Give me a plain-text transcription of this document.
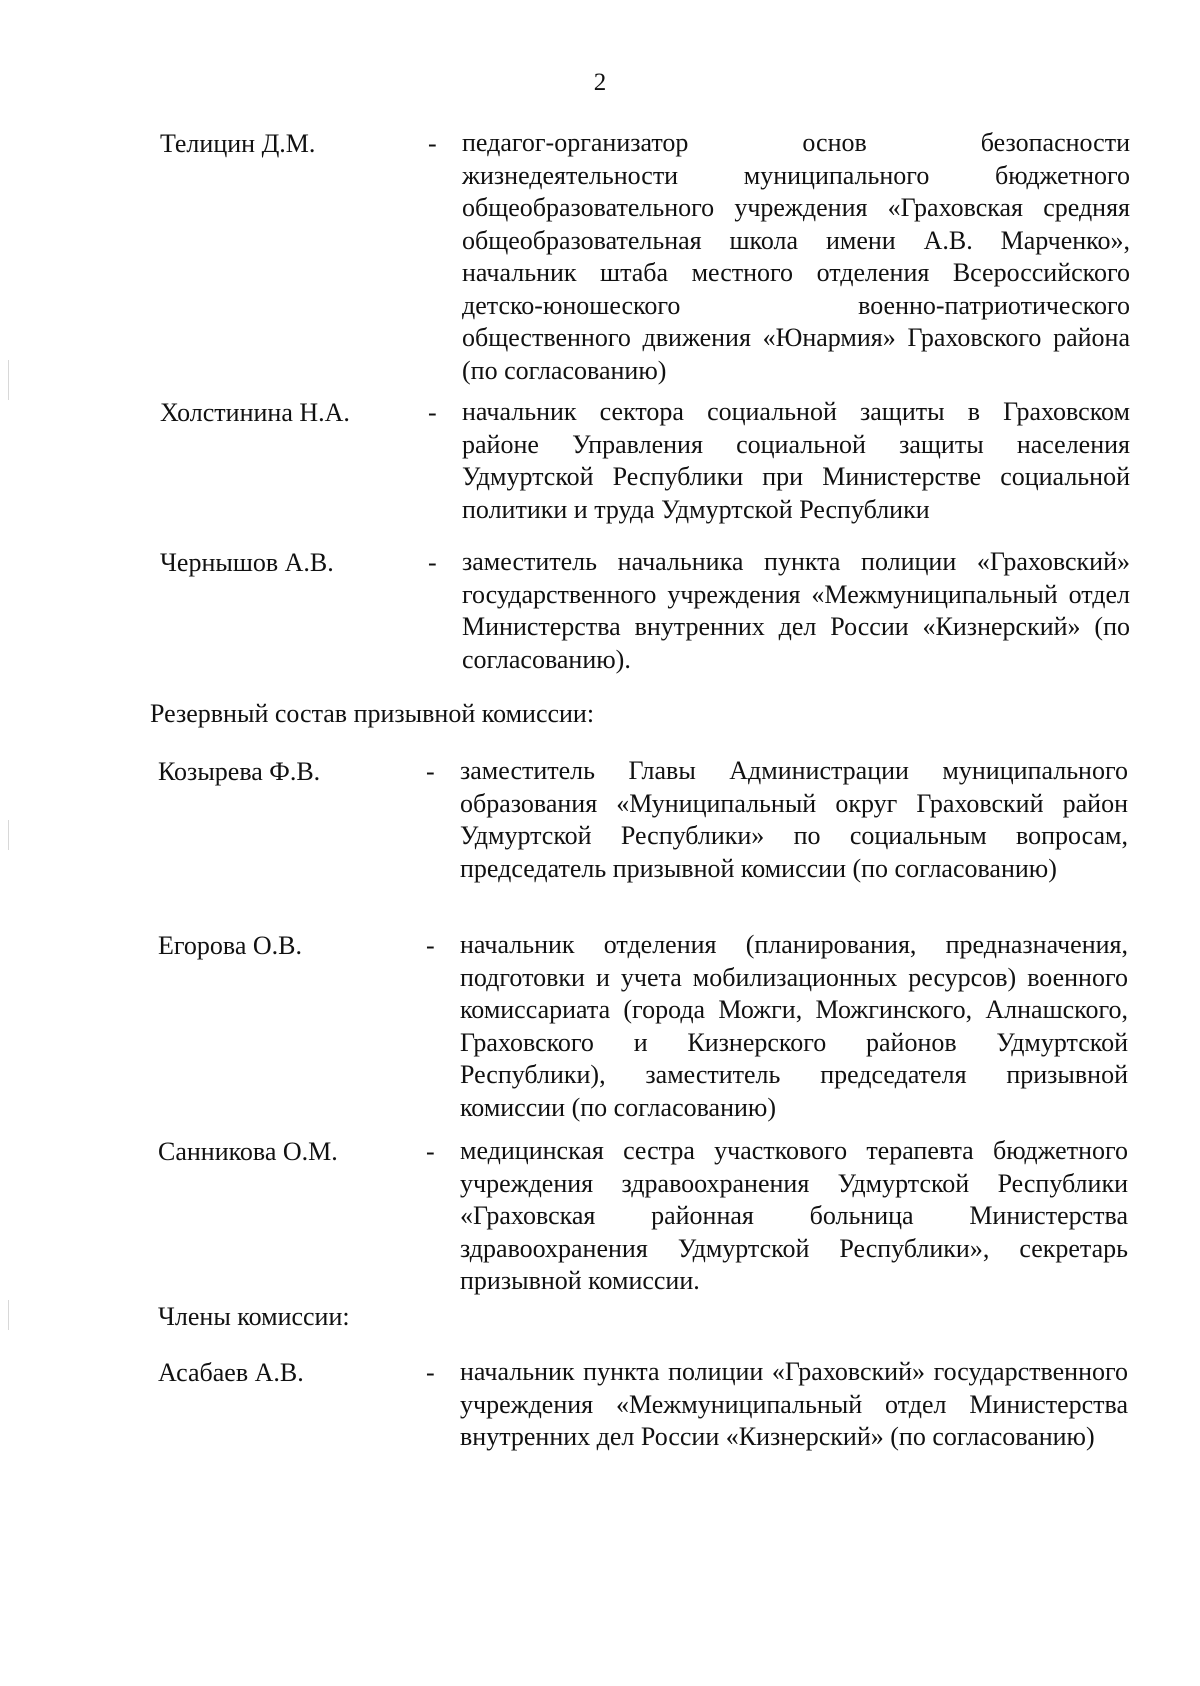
2
Телицин Д.М.	- педагог-организатор основ безопасности жизнедеятельности муниципального бюджетного общеобразовательного учреждения «Граховская средняя общеобразовательная школа имени А.В. Марченко», начальник штаба местного отделения Всероссийского детско-юношеского военно-патриотического общественного движения «Юнармия» Граховского района (по согласованию)
Холстинина Н.А.	- начальник сектора социальной защиты в Граховском районе Управления социальной защиты населения Удмуртской Республики при Министерстве социальной политики и труда Удмуртской Республики
Чернышов А.В.	- заместитель начальника пункта полиции «Граховский» государственного учреждения «Межмуниципальный отдел Министерства внутренних дел России «Кизнерский» (по согласованию).
Резервный состав призывной комиссии:
Козырева Ф.В.	- заместитель Главы Администрации муниципального образования «Муниципальный округ Граховский район Удмуртской Республики» по социальным вопросам, председатель призывной комиссии (по согласованию)
Егорова О.В.	- начальник отделения (планирования, предназначения, подготовки и учета мобилизационных ресурсов) военного комиссариата (города Можги, Можгинского, Алнашского, Граховского и Кизнерского районов Удмуртской Республики), заместитель председателя призывной комиссии (по согласованию)
Санникова О.М.	- медицинская сестра участкового терапевта бюджетного учреждения здравоохранения Удмуртской Республики «Граховская районная больница Министерства здравоохранения Удмуртской Республики», секретарь призывной комиссии.
Члены комиссии:
Асабаев А.В.	- начальник пункта полиции «Граховский» государственного учреждения «Межмуниципальный отдел Министерства внутренних дел России «Кизнерский» (по согласованию)
